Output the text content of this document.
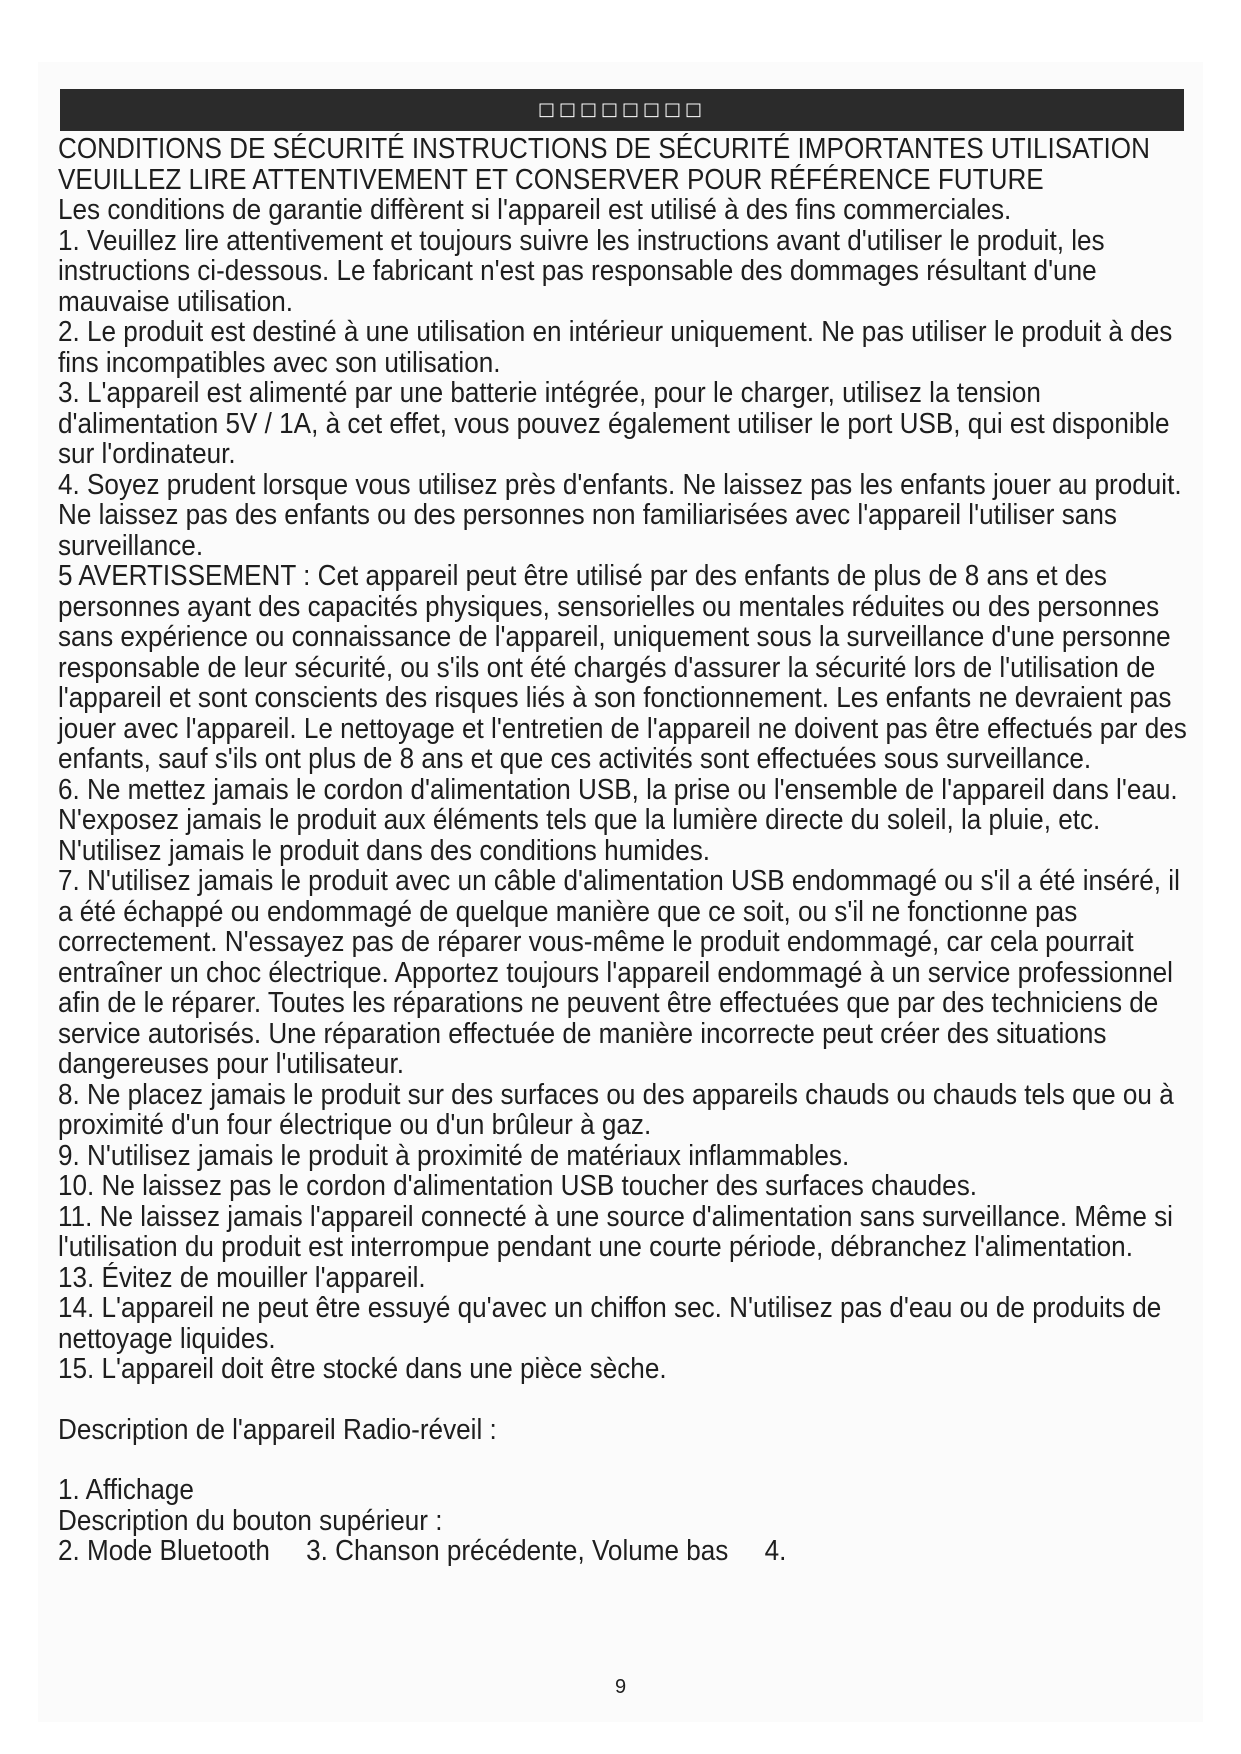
□□□□□□□□

CONDITIONS DE SÉCURITÉ INSTRUCTIONS DE SÉCURITÉ IMPORTANTES UTILISATION VEUILLEZ LIRE ATTENTIVEMENT ET CONSERVER POUR RÉFÉRENCE FUTURE

Les conditions de garantie diffèrent si l'appareil est utilisé à des fins commerciales.

1. Veuillez lire attentivement et toujours suivre les instructions avant d'utiliser le produit, les instructions ci-dessous. Le fabricant n'est pas responsable des dommages résultant d'une mauvaise utilisation.

2. Le produit est destiné à une utilisation en intérieur uniquement. Ne pas utiliser le produit à des fins incompatibles avec son utilisation.

3. L'appareil est alimenté par une batterie intégrée, pour le charger, utilisez la tension d'alimentation 5V / 1A, à cet effet, vous pouvez également utiliser le port USB, qui est disponible sur l'ordinateur.

4. Soyez prudent lorsque vous utilisez près d'enfants. Ne laissez pas les enfants jouer au produit. Ne laissez pas des enfants ou des personnes non familiarisées avec l'appareil l'utiliser sans surveillance.

5 AVERTISSEMENT : Cet appareil peut être utilisé par des enfants de plus de 8 ans et des personnes ayant des capacités physiques, sensorielles ou mentales réduites ou des personnes sans expérience ou connaissance de l'appareil, uniquement sous la surveillance d'une personne responsable de leur sécurité, ou s'ils ont été chargés d'assurer la sécurité lors de l'utilisation de l'appareil et sont conscients des risques liés à son fonctionnement. Les enfants ne devraient pas jouer avec l'appareil. Le nettoyage et l'entretien de l'appareil ne doivent pas être effectués par des enfants, sauf s'ils ont plus de 8 ans et que ces activités sont effectuées sous surveillance.

6. Ne mettez jamais le cordon d'alimentation USB, la prise ou l'ensemble de l'appareil dans l'eau. N'exposez jamais le produit aux éléments tels que la lumière directe du soleil, la pluie, etc. N'utilisez jamais le produit dans des conditions humides.

7. N'utilisez jamais le produit avec un câble d'alimentation USB endommagé ou s'il a été inséré, il a été échappé ou endommagé de quelque manière que ce soit, ou s'il ne fonctionne pas correctement. N'essayez pas de réparer vous-même le produit endommagé, car cela pourrait entraîner un choc électrique. Apportez toujours l'appareil endommagé à un service professionnel afin de le réparer. Toutes les réparations ne peuvent être effectuées que par des techniciens de service autorisés. Une réparation effectuée de manière incorrecte peut créer des situations dangereuses pour l'utilisateur.

8. Ne placez jamais le produit sur des surfaces ou des appareils chauds ou chauds tels que ou à proximité d'un four électrique ou d'un brûleur à gaz.

9. N'utilisez jamais le produit à proximité de matériaux inflammables.

10. Ne laissez pas le cordon d'alimentation USB toucher des surfaces chaudes.

11. Ne laissez jamais l'appareil connecté à une source d'alimentation sans surveillance. Même si l'utilisation du produit est interrompue pendant une courte période, débranchez l'alimentation.

13. Évitez de mouiller l'appareil.

14. L'appareil ne peut être essuyé qu'avec un chiffon sec. N'utilisez pas d'eau ou de produits de nettoyage liquides.

15. L'appareil doit être stocké dans une pièce sèche.

Description de l'appareil Radio-réveil :

1. Affichage

Description du bouton supérieur :

2. Mode Bluetooth     3. Chanson précédente, Volume bas     4.

9
